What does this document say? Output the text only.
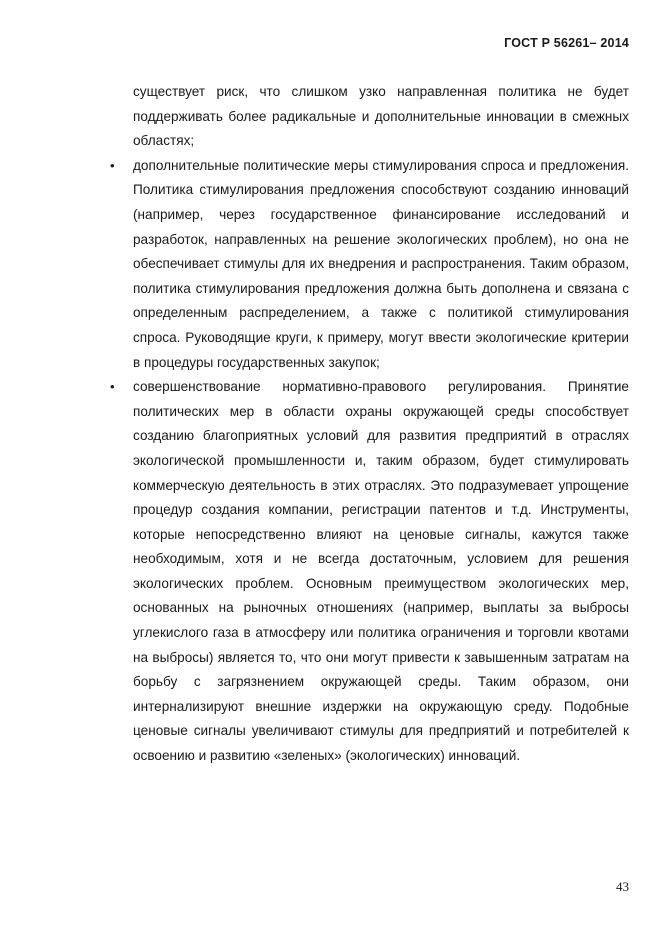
ГОСТ Р 56261– 2014
существует риск, что слишком узко направленная политика не будет поддерживать более радикальные и дополнительные инновации в смежных областях;
• дополнительные политические меры стимулирования спроса и предложения. Политика стимулирования предложения способствуют созданию инноваций (например, через государственное финансирование исследований и разработок, направленных на решение экологических проблем), но она не обеспечивает стимулы для их внедрения и распространения. Таким образом, политика стимулирования предложения должна быть дополнена и связана с определенным распределением, а также с политикой стимулирования спроса. Руководящие круги, к примеру, могут ввести экологические критерии в процедуры государственных закупок;
• совершенствование нормативно-правового регулирования. Принятие политических мер в области охраны окружающей среды способствует созданию благоприятных условий для развития предприятий в отраслях экологической промышленности и, таким образом, будет стимулировать коммерческую деятельность в этих отраслях. Это подразумевает упрощение процедур создания компании, регистрации патентов и т.д. Инструменты, которые непосредственно влияют на ценовые сигналы, кажутся также необходимым, хотя и не всегда достаточным, условием для решения экологических проблем. Основным преимуществом экологических мер, основанных на рыночных отношениях (например, выплаты за выбросы углекислого газа в атмосферу или политика ограничения и торговли квотами на выбросы) является то, что они могут привести к завышенным затратам на борьбу с загрязнением окружающей среды. Таким образом, они интернализируют внешние издержки на окружающую среду. Подобные ценовые сигналы увеличивают стимулы для предприятий и потребителей к освоению и развитию «зеленых» (экологических) инноваций.
43
